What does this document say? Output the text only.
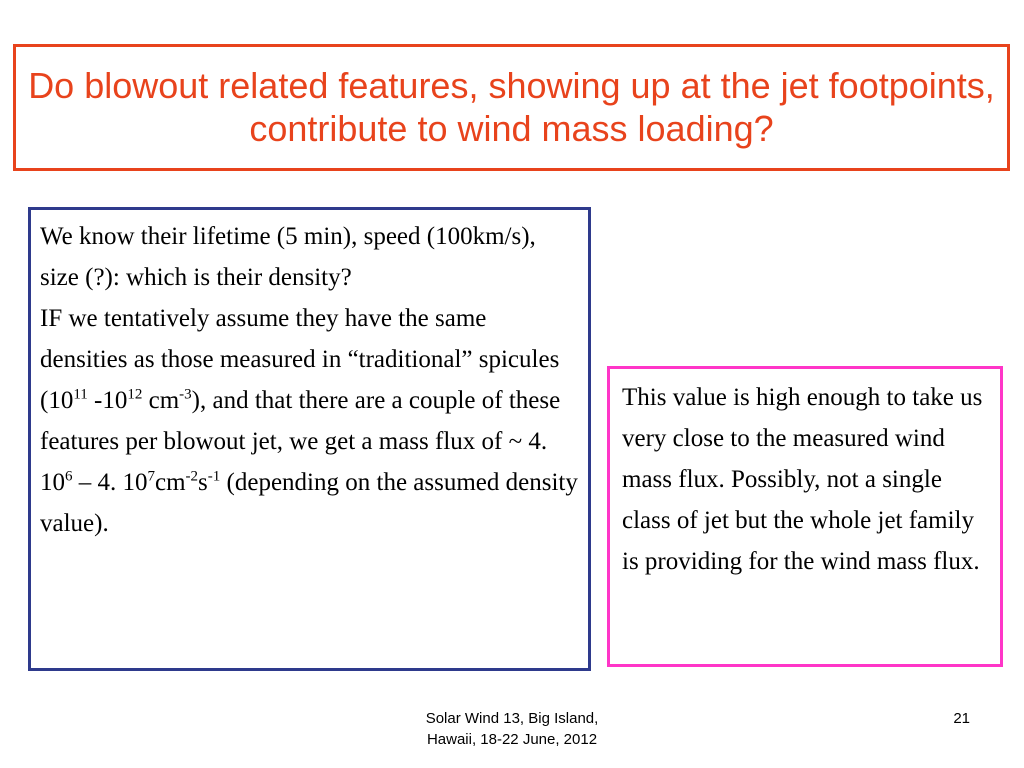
Do blowout related features, showing up at the jet footpoints, contribute to wind mass loading?

We know their lifetime (5 min), speed (100km/s), size (?): which is their density?

IF we tentatively assume they have the same densities as those measured in “traditional” spicules ($10^{11}$ $-10^{12}$ $cm^{-3}$), and that there are a couple of these features per blowout jet, we get a mass flux of ~ 4. $10^6 - 4$. $10^7cm^{-2}s^{-1}$ (depending on the assumed density value).

This value is high enough to take us very close to the measured wind mass flux. Possibly, not a single class of jet but the whole jet family is providing for the wind mass flux.

Solar Wind 13, Big Island,
Hawaii, 18-22 June, 2012
21
